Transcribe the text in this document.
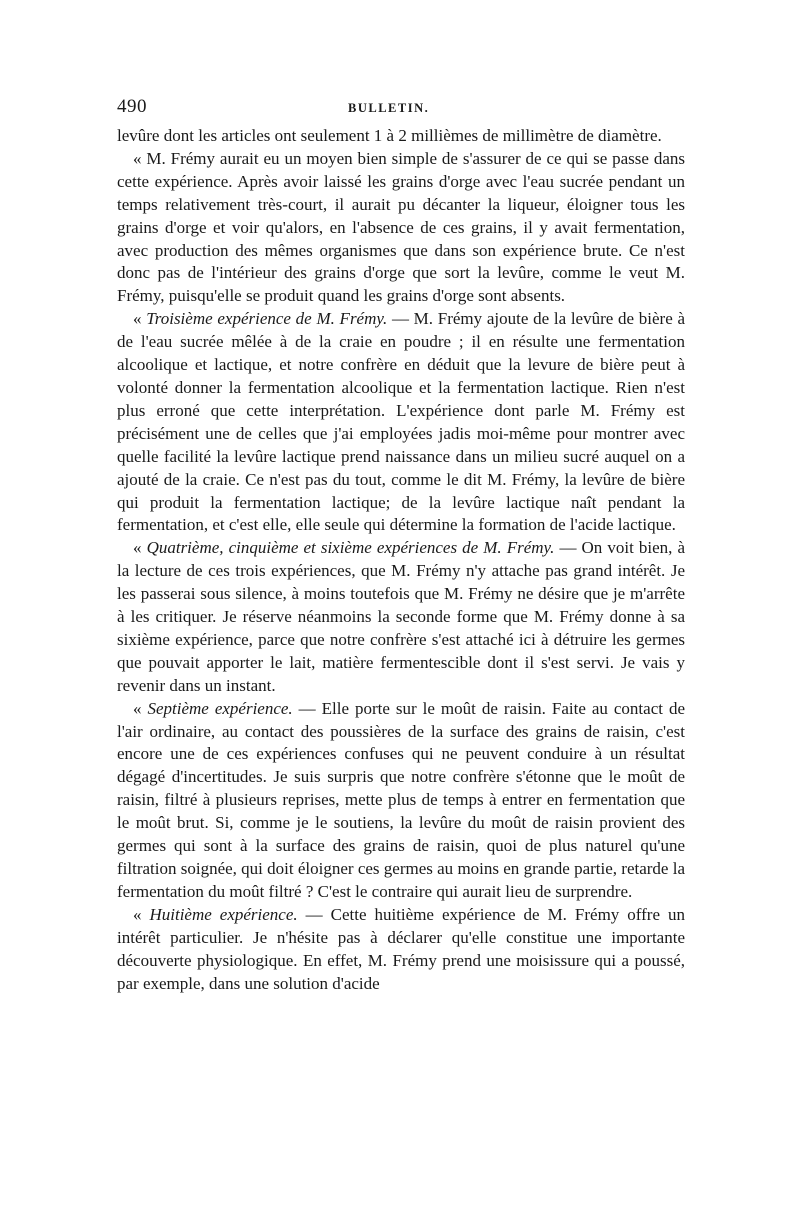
490	BULLETIN.

levûre dont les articles ont seulement 1 à 2 millièmes de millimètre de diamètre.

« M. Frémy aurait eu un moyen bien simple de s'assurer de ce qui se passe dans cette expérience. Après avoir laissé les grains d'orge avec l'eau sucrée pendant un temps relativement très-court, il aurait pu décanter la liqueur, éloigner tous les grains d'orge et voir qu'alors, en l'absence de ces grains, il y avait fermentation, avec production des mêmes organismes que dans son expérience brute. Ce n'est donc pas de l'intérieur des grains d'orge que sort la levûre, comme le veut M. Frémy, puisqu'elle se produit quand les grains d'orge sont absents.

« Troisième expérience de M. Frémy. — M. Frémy ajoute de la levûre de bière à de l'eau sucrée mêlée à de la craie en poudre ; il en résulte une fermentation alcoolique et lactique, et notre confrère en déduit que la levure de bière peut à volonté donner la fermentation alcoolique et la fermentation lactique. Rien n'est plus erroné que cette interprétation. L'expérience dont parle M. Frémy est précisément une de celles que j'ai employées jadis moi-même pour montrer avec quelle facilité la levûre lactique prend naissance dans un milieu sucré auquel on a ajouté de la craie. Ce n'est pas du tout, comme le dit M. Frémy, la levûre de bière qui produit la fermentation lactique; de la levûre lactique naît pendant la fermentation, et c'est elle, elle seule qui détermine la formation de l'acide lactique.

« Quatrième, cinquième et sixième expériences de M. Frémy. — On voit bien, à la lecture de ces trois expériences, que M. Frémy n'y attache pas grand intérêt. Je les passerai sous silence, à moins toutefois que M. Frémy ne désire que je m'arrête à les critiquer. Je réserve néanmoins la seconde forme que M. Frémy donne à sa sixième expérience, parce que notre confrère s'est attaché ici à détruire les germes que pouvait apporter le lait, matière fermentescible dont il s'est servi. Je vais y revenir dans un instant.

« Septième expérience. — Elle porte sur le moût de raisin. Faite au contact de l'air ordinaire, au contact des poussières de la surface des grains de raisin, c'est encore une de ces expériences confuses qui ne peuvent conduire à un résultat dégagé d'incertitudes. Je suis surpris que notre confrère s'étonne que le moût de raisin, filtré à plusieurs reprises, mette plus de temps à entrer en fermentation que le moût brut. Si, comme je le soutiens, la levûre du moût de raisin provient des germes qui sont à la surface des grains de raisin, quoi de plus naturel qu'une filtration soignée, qui doit éloigner ces germes au moins en grande partie, retarde la fermentation du moût filtré ? C'est le contraire qui aurait lieu de surprendre.

« Huitième expérience. — Cette huitième expérience de M. Frémy offre un intérêt particulier. Je n'hésite pas à déclarer qu'elle constitue une importante découverte physiologique. En effet, M. Frémy prend une moisissure qui a poussé, par exemple, dans une solution d'acide
